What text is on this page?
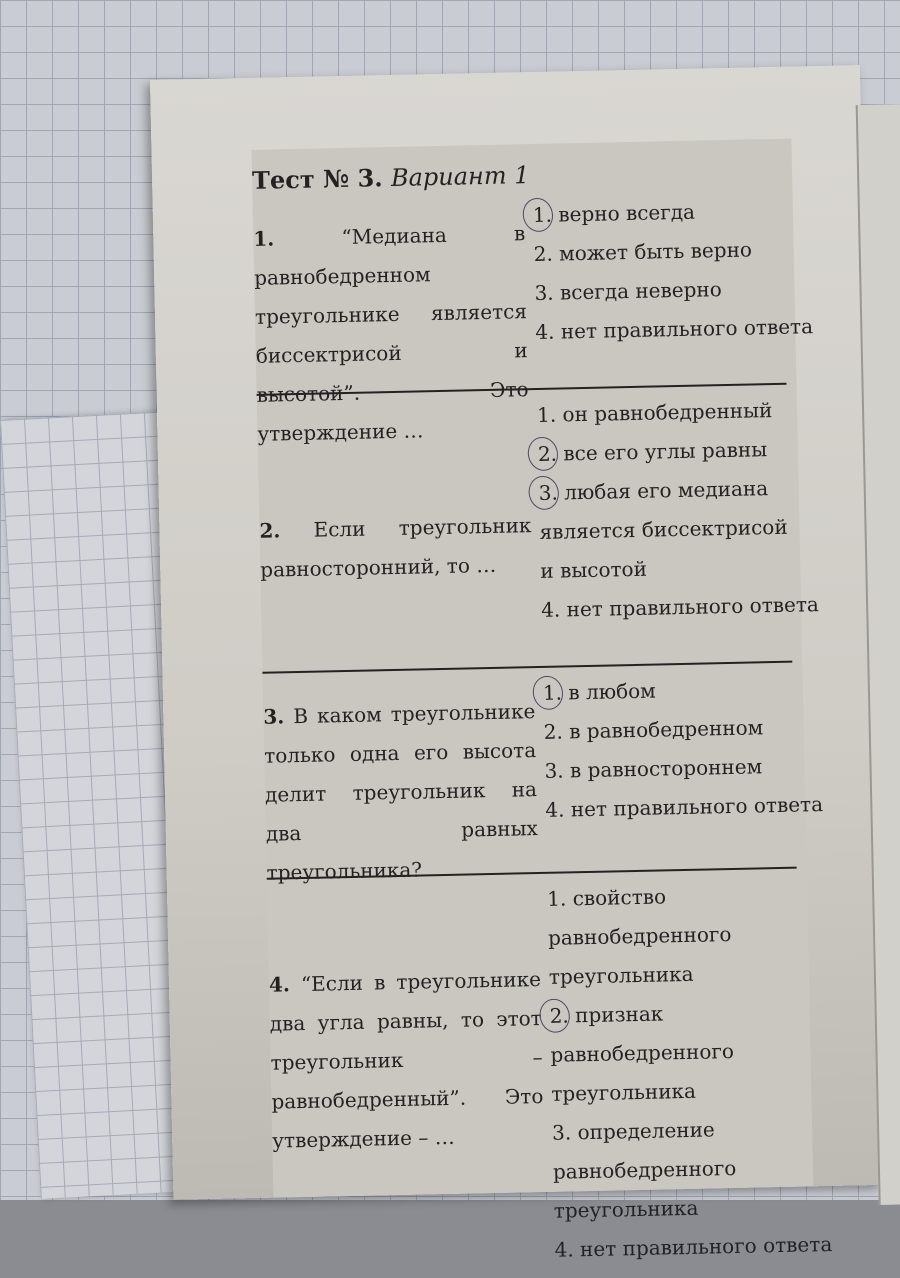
Тест № 3. Вариант 1
1.	“Медиана в равнобедренном треугольнике является биссектрисой и высотой”. Это утверждение …
1. верно всегда
2. может быть верно
3. всегда неверно
4. нет правильного ответа
2. Если треугольник равносторонний, то …
1. он равнобедренный
2. все его углы равны
3. любая его медиана является биссектрисой и высотой
4. нет правильного ответа
3. В каком треугольнике только одна его высота делит треугольник на два равных треугольника?
1. в любом
2. в равнобедренном
3. в равностороннем
4. нет правильного ответа
4. “Если в треугольнике два угла равны, то этот треугольник – равнобедренный”. Это утверждение – …
1. свойство равнобедренного треугольника
2. признак равнобедренного треугольника
3. определение равнобедренного треугольника
4. нет правильного ответа
